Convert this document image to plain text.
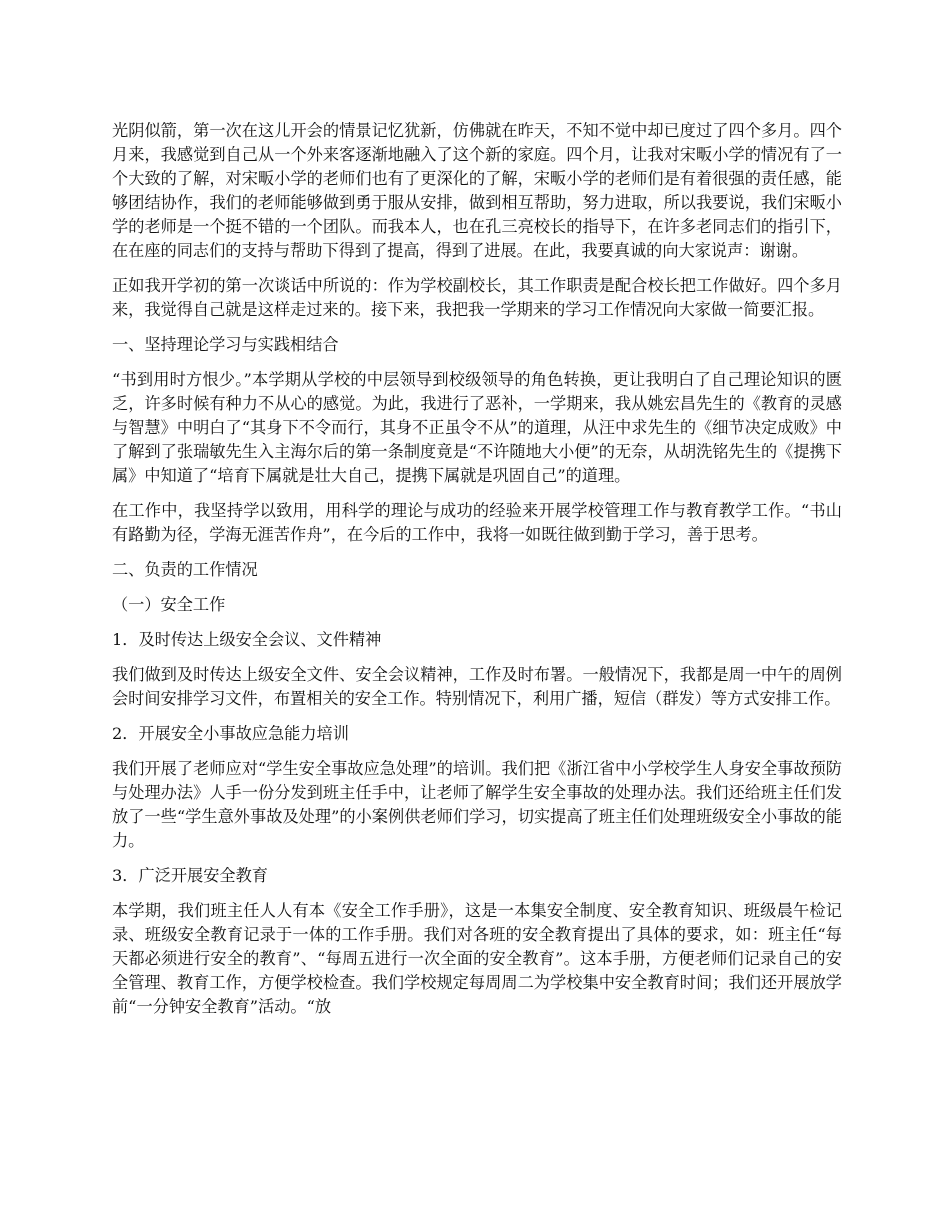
光阴似箭，第一次在这儿开会的情景记忆犹新，仿佛就在昨天，不知不觉中却已度过了四个多月。四个月来，我感觉到自己从一个外来客逐渐地融入了这个新的家庭。四个月，让我对宋畈小学的情况有了一个大致的了解，对宋畈小学的老师们也有了更深化的了解，宋畈小学的老师们是有着很强的责任感，能够团结协作，我们的老师能够做到勇于服从安排，做到相互帮助，努力进取，所以我要说，我们宋畈小学的老师是一个挺不错的一个团队。而我本人，也在孔三亮校长的指导下，在许多老同志们的指引下，在在座的同志们的支持与帮助下得到了提高，得到了进展。在此，我要真诚的向大家说声：谢谢。

正如我开学初的第一次谈话中所说的：作为学校副校长，其工作职责是配合校长把工作做好。四个多月来，我觉得自己就是这样走过来的。接下来，我把我一学期来的学习工作情况向大家做一简要汇报。

一、坚持理论学习与实践相结合

“书到用时方恨少。”本学期从学校的中层领导到校级领导的角色转换，更让我明白了自己理论知识的匮乏，许多时候有种力不从心的感觉。为此，我进行了恶补，一学期来，我从姚宏昌先生的《教育的灵感与智慧》中明白了“其身下不令而行，其身不正虽令不从”的道理，从汪中求先生的《细节决定成败》中了解到了张瑞敏先生入主海尔后的第一条制度竟是“不许随地大小便”的无奈，从胡洗铭先生的《提携下属》中知道了“培育下属就是壮大自己，提携下属就是巩固自己”的道理。

在工作中，我坚持学以致用，用科学的理论与成功的经验来开展学校管理工作与教育教学工作。“书山有路勤为径，学海无涯苦作舟”，在今后的工作中，我将一如既往做到勤于学习，善于思考。

二、负责的工作情况

（一）安全工作

1．及时传达上级安全会议、文件精神

我们做到及时传达上级安全文件、安全会议精神，工作及时布署。一般情况下，我都是周一中午的周例会时间安排学习文件，布置相关的安全工作。特别情况下，利用广播，短信（群发）等方式安排工作。

2．开展安全小事故应急能力培训

我们开展了老师应对“学生安全事故应急处理”的培训。我们把《浙江省中小学校学生人身安全事故预防与处理办法》人手一份分发到班主任手中，让老师了解学生安全事故的处理办法。我们还给班主任们发放了一些“学生意外事故及处理”的小案例供老师们学习，切实提高了班主任们处理班级安全小事故的能力。

3．广泛开展安全教育

本学期，我们班主任人人有本《安全工作手册》，这是一本集安全制度、安全教育知识、班级晨午检记录、班级安全教育记录于一体的工作手册。我们对各班的安全教育提出了具体的要求，如：班主任“每天都必须进行安全的教育”、“每周五进行一次全面的安全教育”。这本手册，方便老师们记录自己的安全管理、教育工作，方便学校检查。我们学校规定每周周二为学校集中安全教育时间；我们还开展放学前“一分钟安全教育”活动。“放
